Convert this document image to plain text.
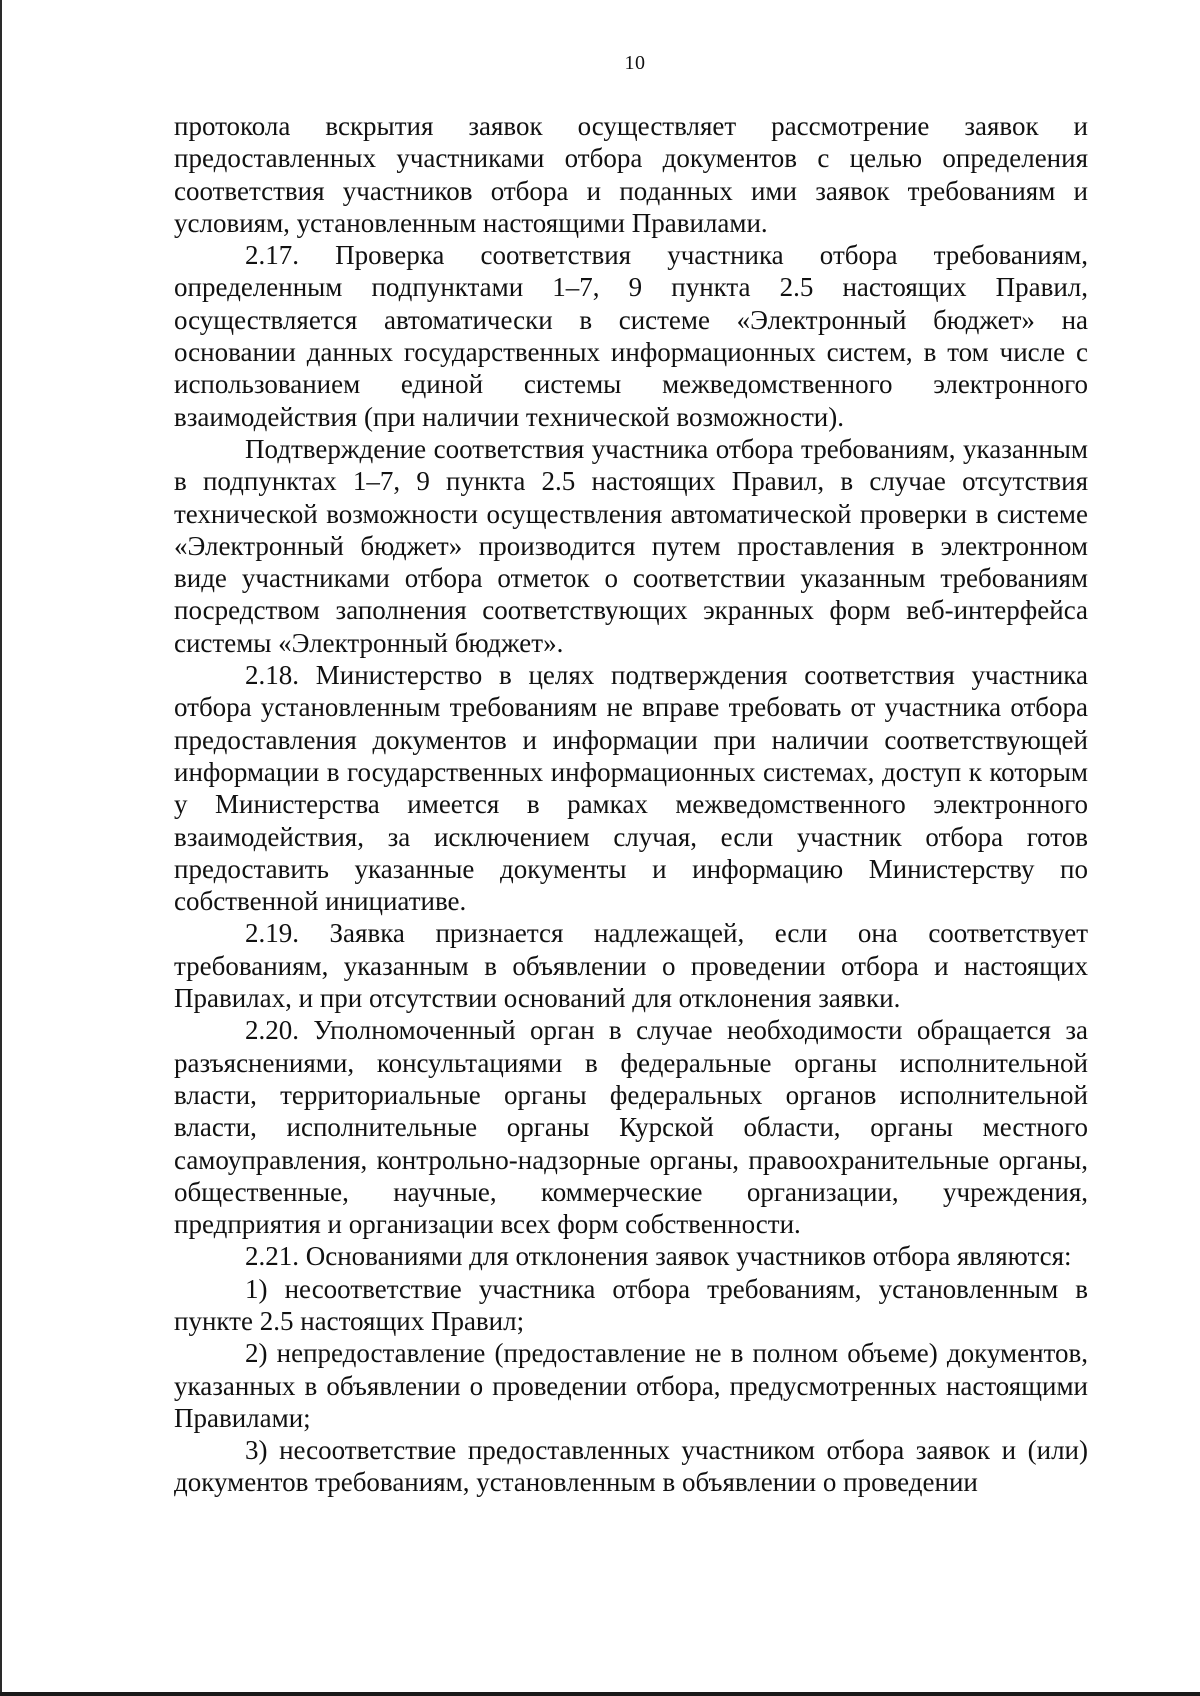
10

протокола вскрытия заявок осуществляет рассмотрение заявок и предоставленных участниками отбора документов с целью определения соответствия участников отбора и поданных ими заявок требованиям и условиям, установленным настоящими Правилами.

2.17. Проверка соответствия участника отбора требованиям, определенным подпунктами 1–7, 9 пункта 2.5 настоящих Правил, осуществляется автоматически в системе «Электронный бюджет» на основании данных государственных информационных систем, в том числе с использованием единой системы межведомственного электронного взаимодействия (при наличии технической возможности).

Подтверждение соответствия участника отбора требованиям, указанным в подпунктах 1–7, 9 пункта 2.5 настоящих Правил, в случае отсутствия технической возможности осуществления автоматической проверки в системе «Электронный бюджет» производится путем проставления в электронном виде участниками отбора отметок о соответствии указанным требованиям посредством заполнения соответствующих экранных форм веб-интерфейса системы «Электронный бюджет».

2.18. Министерство в целях подтверждения соответствия участника отбора установленным требованиям не вправе требовать от участника отбора предоставления документов и информации при наличии соответствующей информации в государственных информационных системах, доступ к которым у Министерства имеется в рамках межведомственного электронного взаимодействия, за исключением случая, если участник отбора готов предоставить указанные документы и информацию Министерству по собственной инициативе.

2.19. Заявка признается надлежащей, если она соответствует требованиям, указанным в объявлении о проведении отбора и настоящих Правилах, и при отсутствии оснований для отклонения заявки.

2.20. Уполномоченный орган в случае необходимости обращается за разъяснениями, консультациями в федеральные органы исполнительной власти, территориальные органы федеральных органов исполнительной власти, исполнительные органы Курской области, органы местного самоуправления, контрольно-надзорные органы, правоохранительные органы, общественные, научные, коммерческие организации, учреждения, предприятия и организации всех форм собственности.

2.21. Основаниями для отклонения заявок участников отбора являются:

1) несоответствие участника отбора требованиям, установленным в пункте 2.5 настоящих Правил;

2) непредоставление (предоставление не в полном объеме) документов, указанных в объявлении о проведении отбора, предусмотренных настоящими Правилами;

3) несоответствие предоставленных участником отбора заявок и (или) документов требованиям, установленным в объявлении о проведении
